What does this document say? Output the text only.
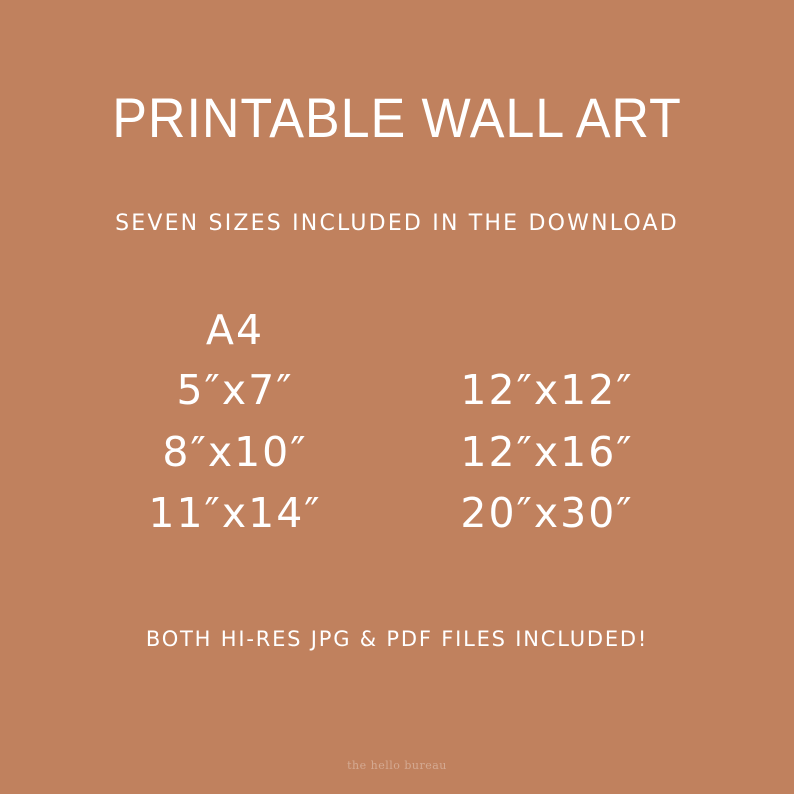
PRINTABLE WALL ART
SEVEN SIZES INCLUDED IN THE DOWNLOAD
A4
5″x7″
8″x10″
11″x14″
12″x12″
12″x16″
20″x30″
BOTH HI-RES JPG & PDF FILES INCLUDED!
the hello bureau
